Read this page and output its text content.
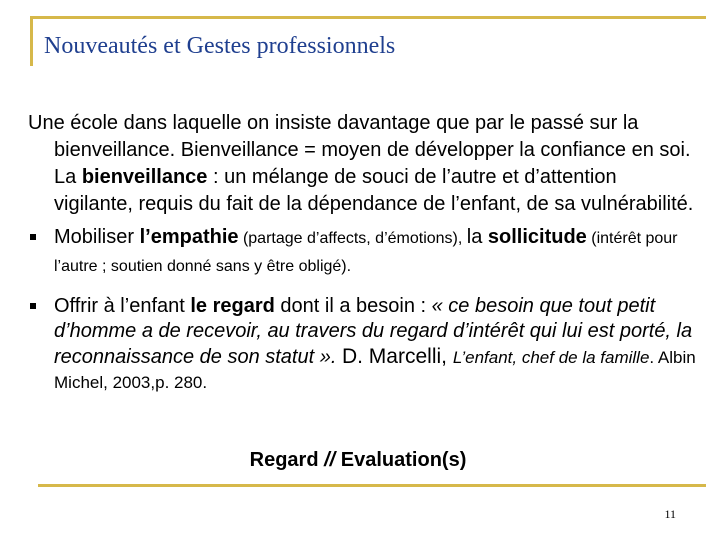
Nouveautés et Gestes professionnels

Une école dans laquelle on insiste davantage que par le passé sur la bienveillance. Bienveillance = moyen de développer la confiance en soi.

La bienveillance : un mélange de souci de l’autre et d’attention vigilante, requis du fait de la dépendance de l’enfant, de sa vulnérabilité.

Mobiliser l’empathie (partage d’affects, d’émotions), la sollicitude (intérêt pour l’autre ; soutien donné sans y être obligé).

Offrir à l’enfant le regard dont il a besoin : « ce besoin que tout petit d’homme a de recevoir, au travers du regard d’intérêt qui lui est porté, la reconnaissance de son statut ». D. Marcelli, L’enfant, chef de la famille. Albin Michel, 2003,p. 280.

Regard // Evaluation(s)
11
